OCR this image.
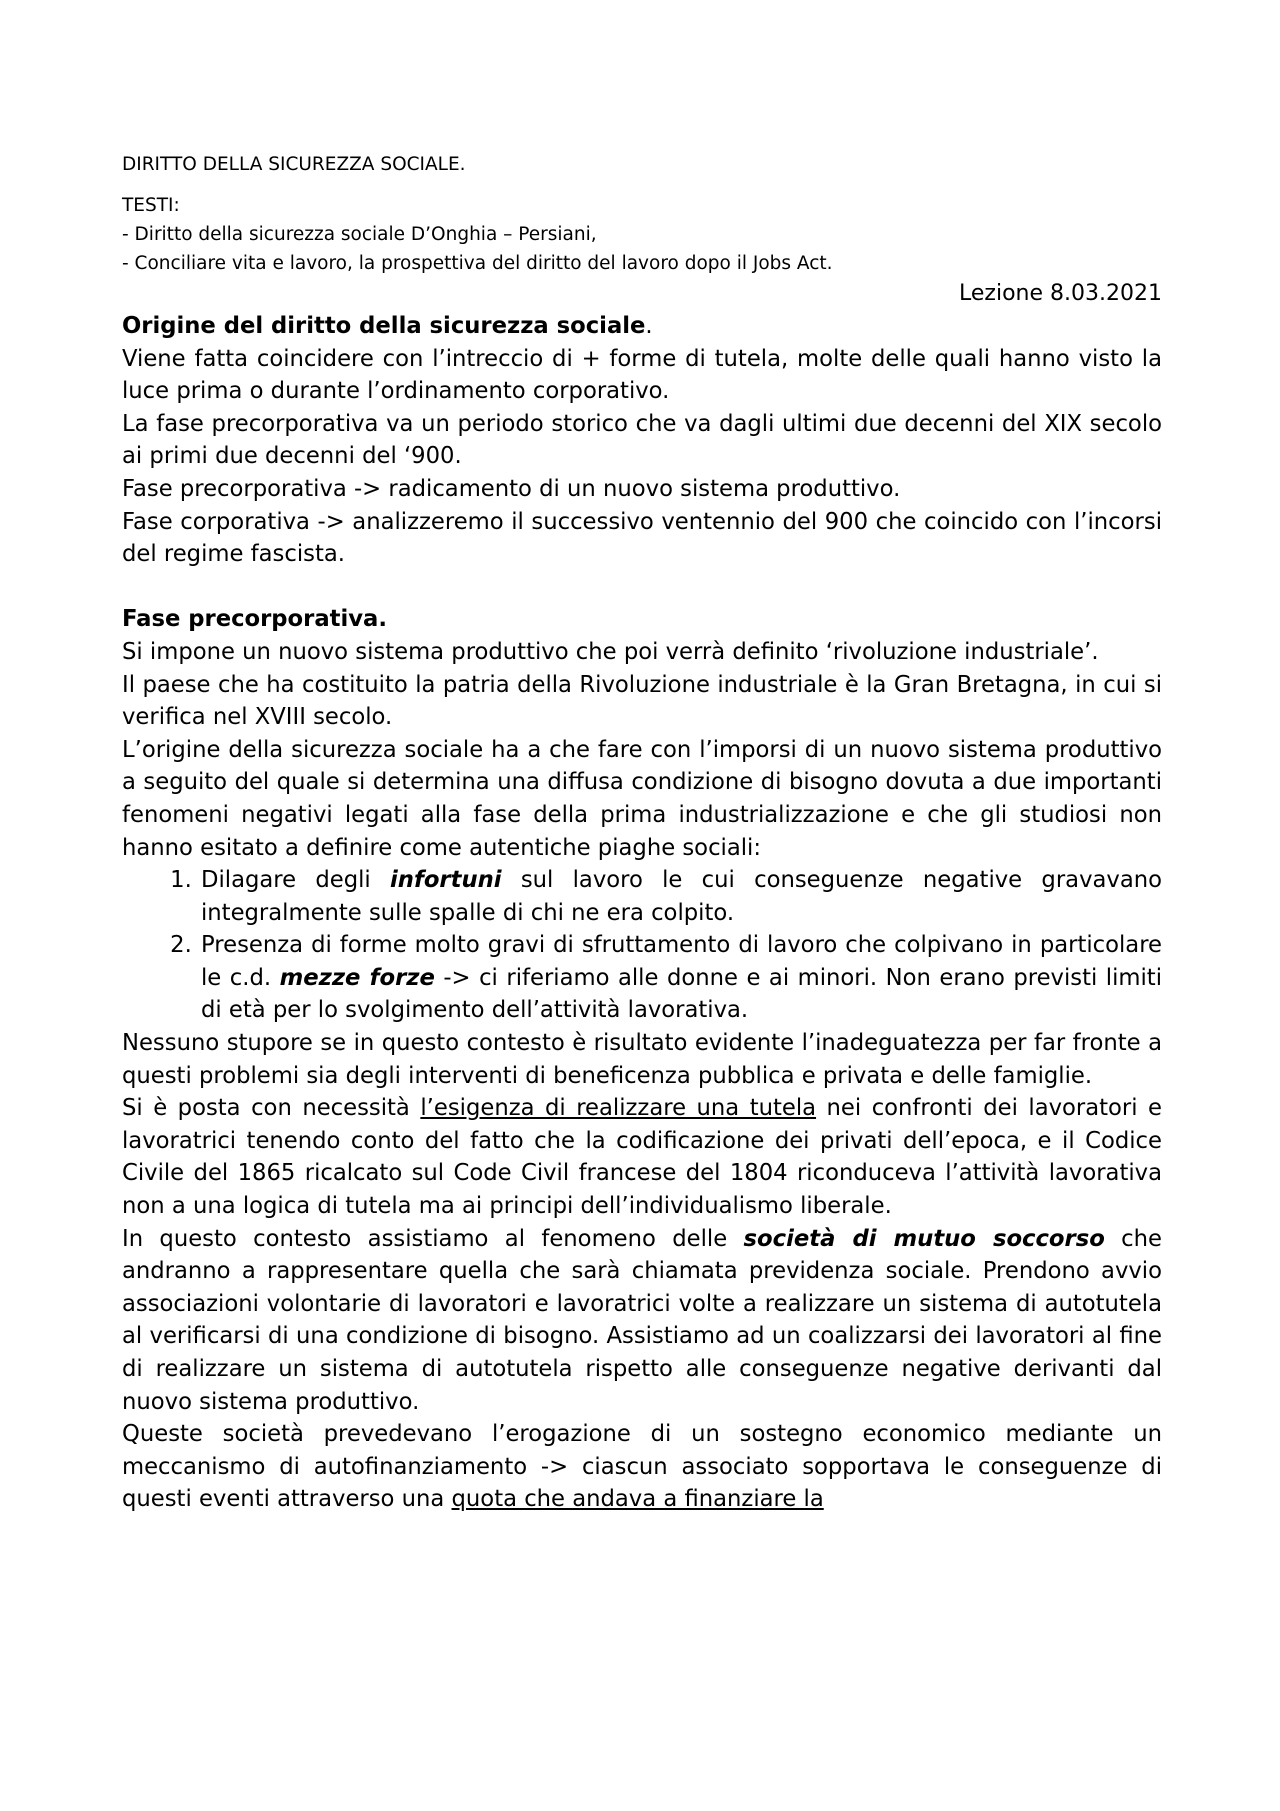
DIRITTO DELLA SICUREZZA SOCIALE.
TESTI:
- Diritto della sicurezza sociale D’Onghia – Persiani,
- Conciliare vita e lavoro, la prospettiva del diritto del lavoro dopo il Jobs Act.
Lezione 8.03.2021

Origine del diritto della sicurezza sociale.

Viene fatta coincidere con l’intreccio di + forme di tutela, molte delle quali hanno visto la luce prima o durante l’ordinamento corporativo.

La fase precorporativa va un periodo storico che va dagli ultimi due decenni del XIX secolo ai primi due decenni del ‘900.

Fase precorporativa -> radicamento di un nuovo sistema produttivo.

Fase corporativa -> analizzeremo il successivo ventennio del 900 che coincido con l’incorsi del regime fascista.

Fase precorporativa.

Si impone un nuovo sistema produttivo che poi verrà definito ‘rivoluzione industriale’.

Il paese che ha costituito la patria della Rivoluzione industriale è la Gran Bretagna, in cui si verifica nel XVIII secolo.

L’origine della sicurezza sociale ha a che fare con l’imporsi di un nuovo sistema produttivo a seguito del quale si determina una diffusa condizione di bisogno dovuta a due importanti fenomeni negativi legati alla fase della prima industrializzazione e che gli studiosi non hanno esitato a definire come autentiche piaghe sociali:

1. Dilagare degli infortuni sul lavoro le cui conseguenze negative gravavano integralmente sulle spalle di chi ne era colpito.
2. Presenza di forme molto gravi di sfruttamento di lavoro che colpivano in particolare le c.d. mezze forze -> ci riferiamo alle donne e ai minori. Non erano previsti limiti di età per lo svolgimento dell’attività lavorativa.

Nessuno stupore se in questo contesto è risultato evidente l’inadeguatezza per far fronte a questi problemi sia degli interventi di beneficenza pubblica e privata e delle famiglie.

Si è posta con necessità l’esigenza di realizzare una tutela nei confronti dei lavoratori e lavoratrici tenendo conto del fatto che la codificazione dei privati dell’epoca, e il Codice Civile del 1865 ricalcato sul Code Civil francese del 1804 riconduceva l’attività lavorativa non a una logica di tutela ma ai principi dell’individualismo liberale.

In questo contesto assistiamo al fenomeno delle società di mutuo soccorso che andranno a rappresentare quella che sarà chiamata previdenza sociale. Prendono avvio associazioni volontarie di lavoratori e lavoratrici volte a realizzare un sistema di autotutela al verificarsi di una condizione di bisogno. Assistiamo ad un coalizzarsi dei lavoratori al fine di realizzare un sistema di autotutela rispetto alle conseguenze negative derivanti dal nuovo sistema produttivo.

Queste società prevedevano l’erogazione di un sostegno economico mediante un meccanismo di autofinanziamento -> ciascun associato sopportava le conseguenze di questi eventi attraverso una quota che andava a finanziare la
